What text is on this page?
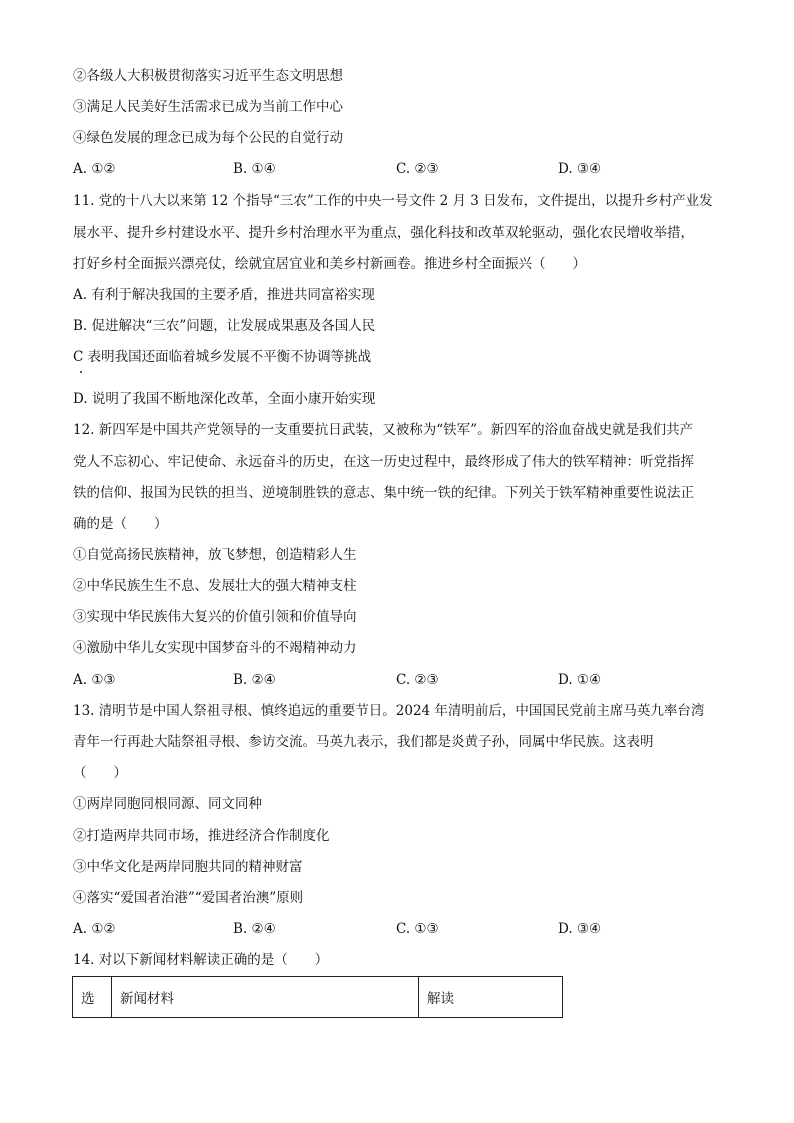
②各级人大积极贯彻落实习近平生态文明思想
③满足人民美好生活需求已成为当前工作中心
④绿色发展的理念已成为每个公民的自觉行动
A. ①②	B. ①④	C. ②③	D. ③④
11. 党的十八大以来第 12 个指导“三农”工作的中央一号文件 2 月 3 日发布，文件提出，以提升乡村产业发
展水平、提升乡村建设水平、提升乡村治理水平为重点，强化科技和改革双轮驱动，强化农民增收举措，
打好乡村全面振兴漂亮仗，绘就宜居宜业和美乡村新画卷。推进乡村全面振兴（　　）
A. 有利于解决我国的主要矛盾，推进共同富裕实现
B. 促进解决“三农”问题，让发展成果惠及各国人民
C 表明我国还面临着城乡发展不平衡不协调等挑战
D. 说明了我国不断地深化改革，全面小康开始实现
12. 新四军是中国共产党领导的一支重要抗日武装，又被称为“铁军”。新四军的浴血奋战史就是我们共产
党人不忘初心、牢记使命、永远奋斗的历史，在这一历史过程中，最终形成了伟大的铁军精神：听党指挥
铁的信仰、报国为民铁的担当、逆境制胜铁的意志、集中统一铁的纪律。下列关于铁军精神重要性说法正
确的是（　　）
①自觉高扬民族精神，放飞梦想，创造精彩人生
②中华民族生生不息、发展壮大的强大精神支柱
③实现中华民族伟大复兴的价值引领和价值导向
④激励中华儿女实现中国梦奋斗的不竭精神动力
A. ①③	B. ②④	C. ②③	D. ①④
13. 清明节是中国人祭祖寻根、慎终追远的重要节日。2024 年清明前后，中国国民党前主席马英九率台湾
青年一行再赴大陆祭祖寻根、参访交流。马英九表示，我们都是炎黄子孙，同属中华民族。这表明
（　　）
①两岸同胞同根同源、同文同种
②打造两岸共同市场，推进经济合作制度化
③中华文化是两岸同胞共同的精神财富
④落实“爱国者治港”“爱国者治澳”原则
A. ①②	B. ②④	C. ①③	D. ③④
14. 对以下新闻材料解读正确的是（　　）
选	新闻材料	解读
